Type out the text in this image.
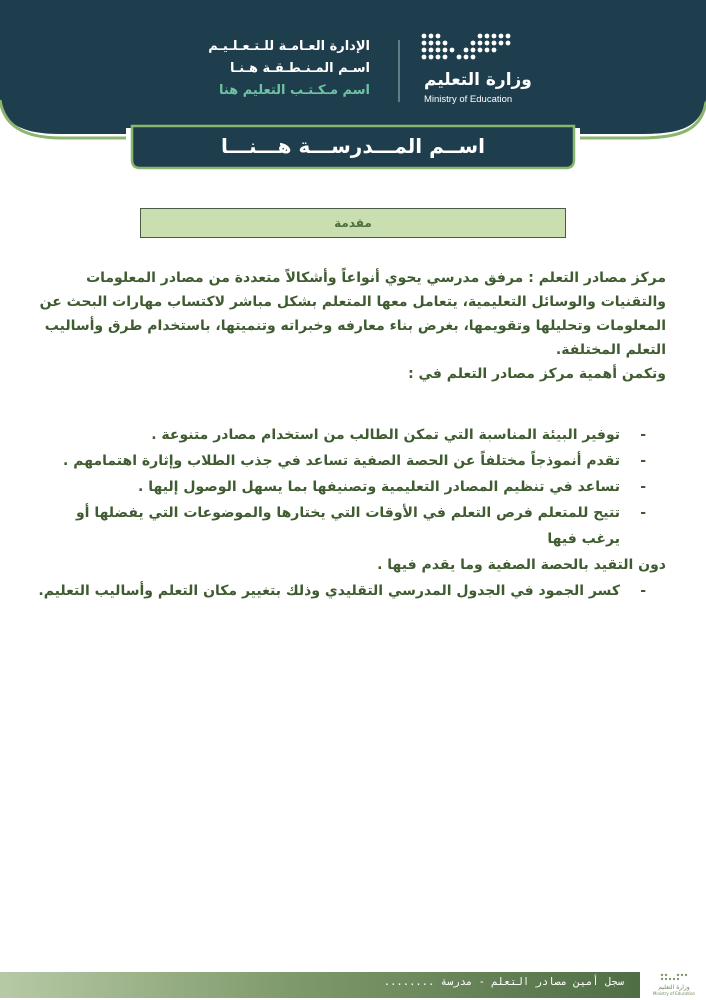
الإدارة العـامـة للـتـعـلـيـم
اسـم المـنـطـقـة هـنـا
اسم مـكـتـب التعليم هنا
وزارة التعليم
Ministry of Education
اســم المـــدرســـة هـــنـــا
مقدمة

مركز مصادر التعلم : مرفق مدرسي يحوي أنواعاً وأشكالاً متعددة من مصادر المعلومات والتقنيات والوسائل التعليمية، يتعامل معها المتعلم بشكل مباشر لاكتساب مهارات البحث عن المعلومات وتحليلها وتقويمها، بغرض بناء معارفه وخبراته وتنميتها، باستخدام طرق وأساليب التعلم المختلفة.

وتكمن أهمية مركز مصادر التعلم في :

-
توفير البيئة المناسبة التي تمكن الطالب من استخدام مصادر متنوعة .

-
تقدم أنموذجاً مختلفاً عن الحصة الصفية تساعد في جذب الطلاب وإثارة اهتمامهم .

-
تساعد في تنظيم المصادر التعليمية وتصنيفها بما يسهل الوصول إليها .

-
تتيح للمتعلم فرص التعلم في الأوقات التي يختارها والموضوعات التي يفضلها أو يرغب فيها

دون التقيد بالحصة الصفية وما يقدم فيها .

-
كسر الجمود في الجدول المدرسي التقليدي وذلك بتغيير مكان التعلم وأساليب التعليم.

سجل أمين مصادر التعلم - مدرسة ........	وزارة التعليم
Ministry of Education
